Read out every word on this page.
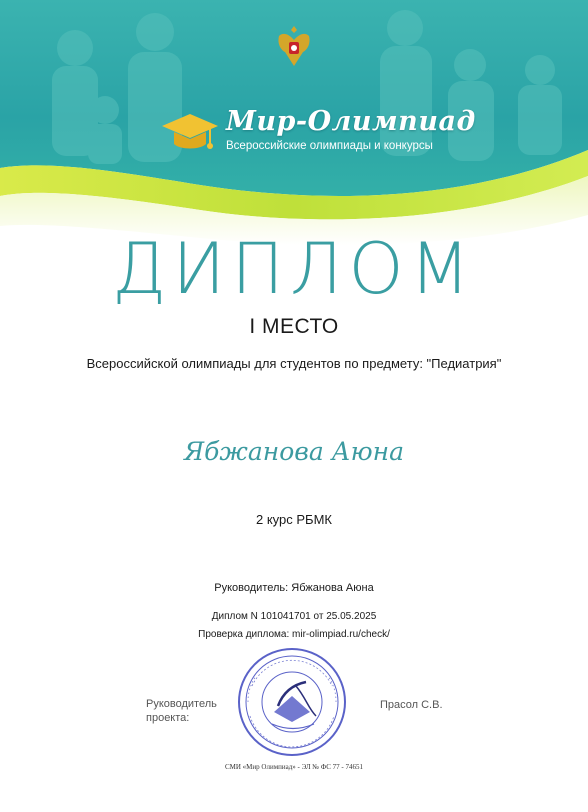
Мир-Олимпиад
Всероссийские олимпиады и конкурсы
ДИПЛОМ
I МЕСТО
Всероссийской олимпиады для студентов по предмету: "Педиатрия"
Ябжанова Аюна
2 курс РБМК
Руководитель: Ябжанова Аюна
Диплом N 101041701 от 25.05.2025
Проверка диплома: mir-olimpiad.ru/check/
Руководитель
проекта:
Прасол С.В.
СМИ «Мир Олимпиад» - ЭЛ № ФС 77 - 74651
